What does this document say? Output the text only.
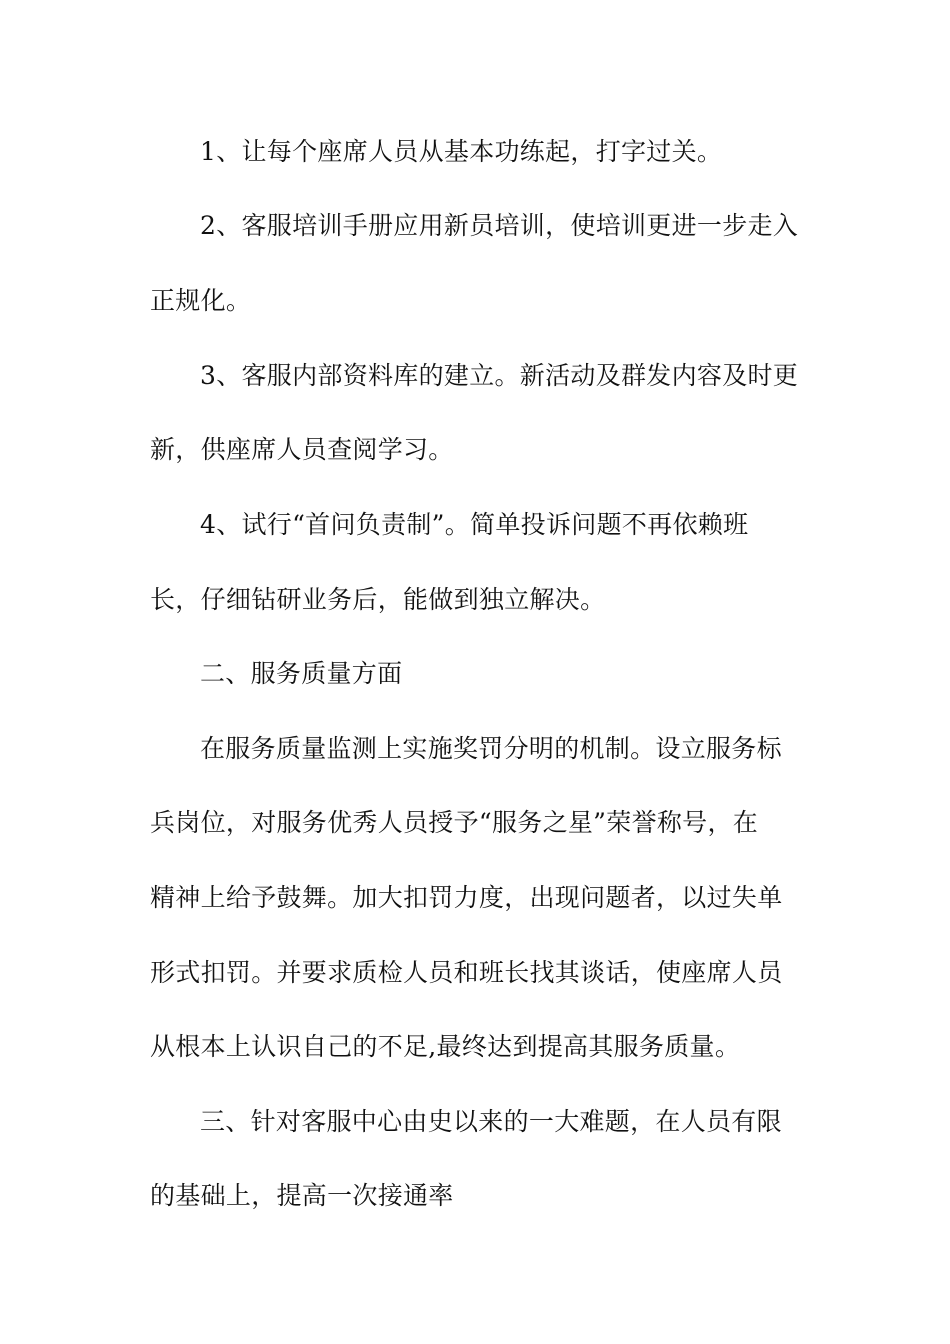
1、让每个座席人员从基本功练起，打字过关。
2、客服培训手册应用新员培训，使培训更进一步走入
正规化。
3、客服内部资料库的建立。新活动及群发内容及时更
新，供座席人员查阅学习。
4、试行“首问负责制”。简单投诉问题不再依赖班
长，仔细钻研业务后，能做到独立解决。
二、服务质量方面
在服务质量监测上实施奖罚分明的机制。设立服务标
兵岗位，对服务优秀人员授予“服务之星”荣誉称号，在
精神上给予鼓舞。加大扣罚力度，出现问题者，以过失单
形式扣罚。并要求质检人员和班长找其谈话，使座席人员
从根本上认识自己的不足,最终达到提高其服务质量。
三、针对客服中心由史以来的一大难题，在人员有限
的基础上，提高一次接通率
